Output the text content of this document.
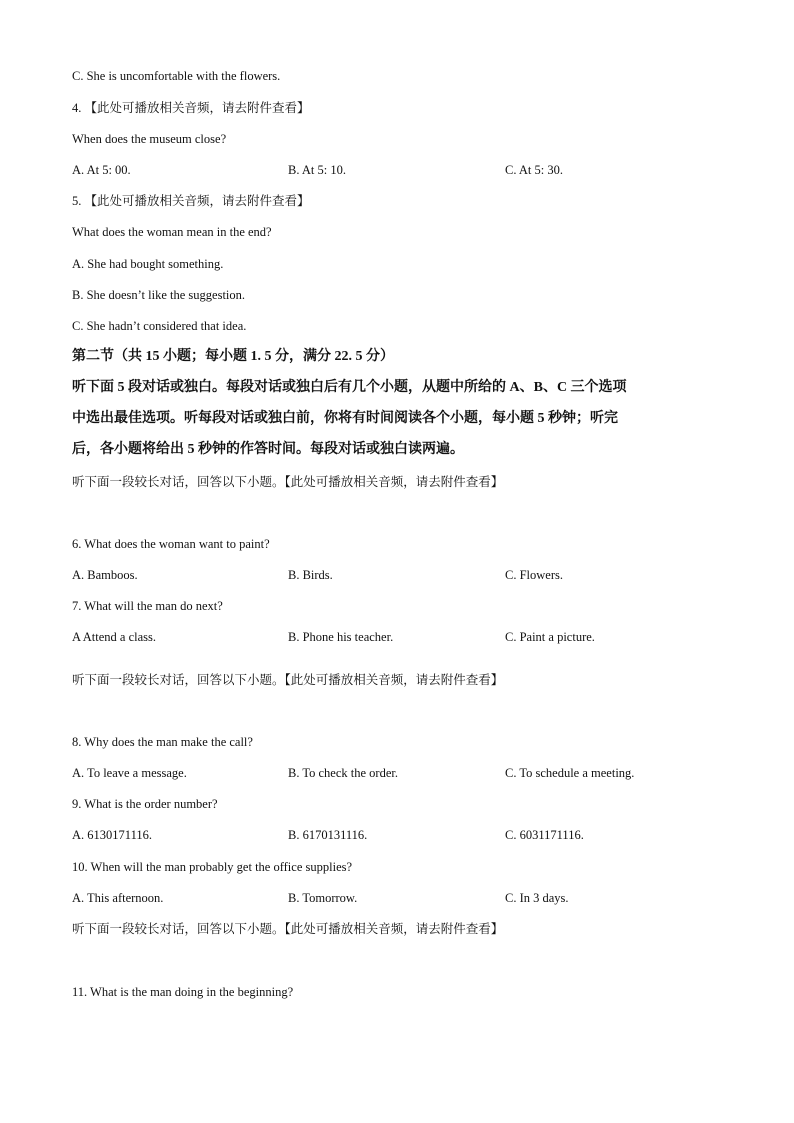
C. She is uncomfortable with the flowers.
4. 【此处可播放相关音频，请去附件查看】
When does the museum close?
A. At 5: 00.	B. At 5: 10.	C. At 5: 30.
5. 【此处可播放相关音频，请去附件查看】
What does the woman mean in the end?
A. She had bought something.
B. She doesn’t like the suggestion.
C. She hadn’t considered that idea.
第二节（共 15 小题；每小题 1. 5 分，满分 22. 5 分）
听下面 5 段对话或独白。每段对话或独白后有几个小题，从题中所给的 A、B、C 三个选项
中选出最佳选项。听每段对话或独白前，你将有时间阅读各个小题，每小题 5 秒钟；听完
后，各小题将给出 5 秒钟的作答时间。每段对话或独白读两遍。
听下面一段较长对话，回答以下小题。【此处可播放相关音频，请去附件查看】
6. What does the woman want to paint?
A. Bamboos.	B. Birds.	C. Flowers.
7. What will the man do next?
A Attend a class.	B. Phone his teacher.	C. Paint a picture.
听下面一段较长对话，回答以下小题。【此处可播放相关音频，请去附件查看】
8. Why does the man make the call?
A. To leave a message.	B. To check the order.	C. To schedule a meeting.
9. What is the order number?
A. 6130171116.	B. 6170131116.	C. 6031171116.
10. When will the man probably get the office supplies?
A. This afternoon.	B. Tomorrow.	C. In 3 days.
听下面一段较长对话，回答以下小题。【此处可播放相关音频，请去附件查看】
11. What is the man doing in the beginning?
